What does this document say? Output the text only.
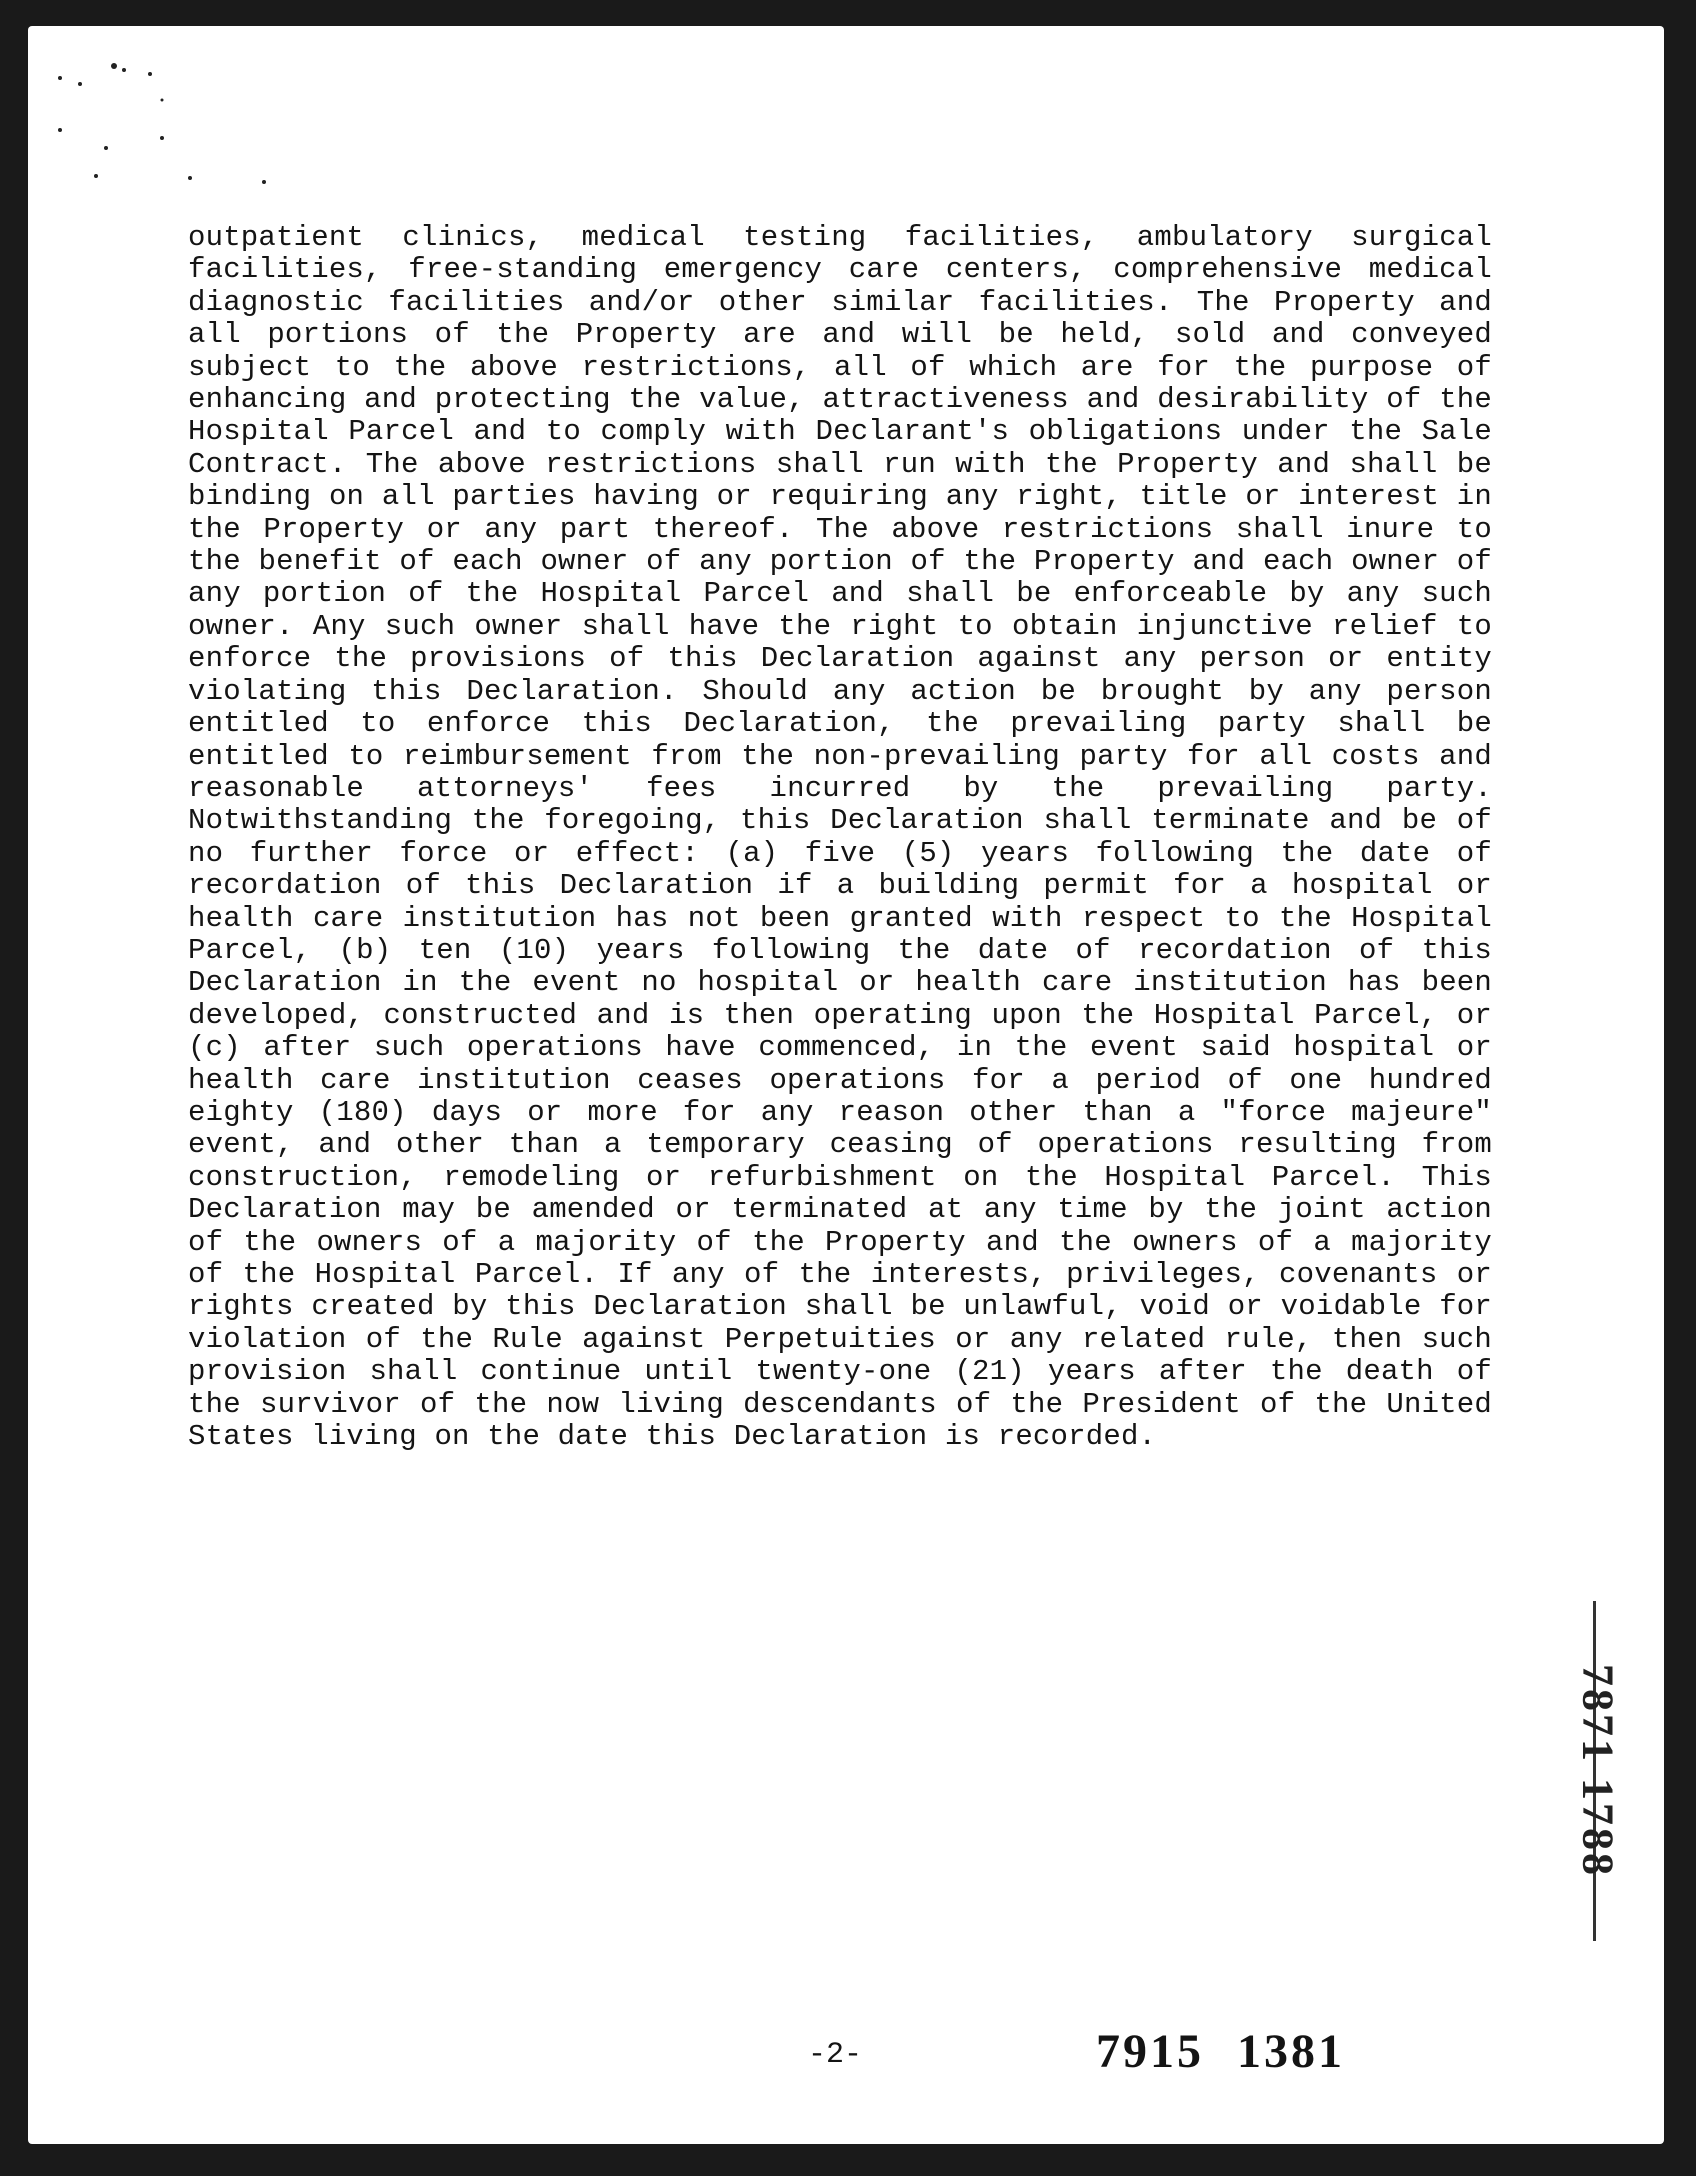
outpatient clinics, medical testing facilities, ambulatory surgical facilities, free-standing emergency care centers, comprehensive medical diagnostic facilities and/or other similar facilities. The Property and all portions of the Property are and will be held, sold and conveyed subject to the above restrictions, all of which are for the purpose of enhancing and protecting the value, attractiveness and desirability of the Hospital Parcel and to comply with Declarant's obligations under the Sale Contract. The above restrictions shall run with the Property and shall be binding on all parties having or requiring any right, title or interest in the Property or any part thereof. The above restrictions shall inure to the benefit of each owner of any portion of the Property and each owner of any portion of the Hospital Parcel and shall be enforceable by any such owner. Any such owner shall have the right to obtain injunctive relief to enforce the provisions of this Declaration against any person or entity violating this Declaration. Should any action be brought by any person entitled to enforce this Declaration, the prevailing party shall be entitled to reimbursement from the non-prevailing party for all costs and reasonable attorneys' fees incurred by the prevailing party. Notwithstanding the foregoing, this Declaration shall terminate and be of no further force or effect: (a) five (5) years following the date of recordation of this Declaration if a building permit for a hospital or health care institution has not been granted with respect to the Hospital Parcel, (b) ten (10) years following the date of recordation of this Declaration in the event no hospital or health care institution has been developed, constructed and is then operating upon the Hospital Parcel, or (c) after such operations have commenced, in the event said hospital or health care institution ceases operations for a period of one hundred eighty (180) days or more for any reason other than a "force majeure" event, and other than a temporary ceasing of operations resulting from construction, remodeling or refurbishment on the Hospital Parcel. This Declaration may be amended or terminated at any time by the joint action of the owners of a majority of the Property and the owners of a majority of the Hospital Parcel. If any of the interests, privileges, covenants or rights created by this Declaration shall be unlawful, void or voidable for violation of the Rule against Perpetuities or any related rule, then such provision shall continue until twenty-one (21) years after the death of the survivor of the now living descendants of the President of the United States living on the date this Declaration is recorded.

7871 1788
-2-	7915 1381
